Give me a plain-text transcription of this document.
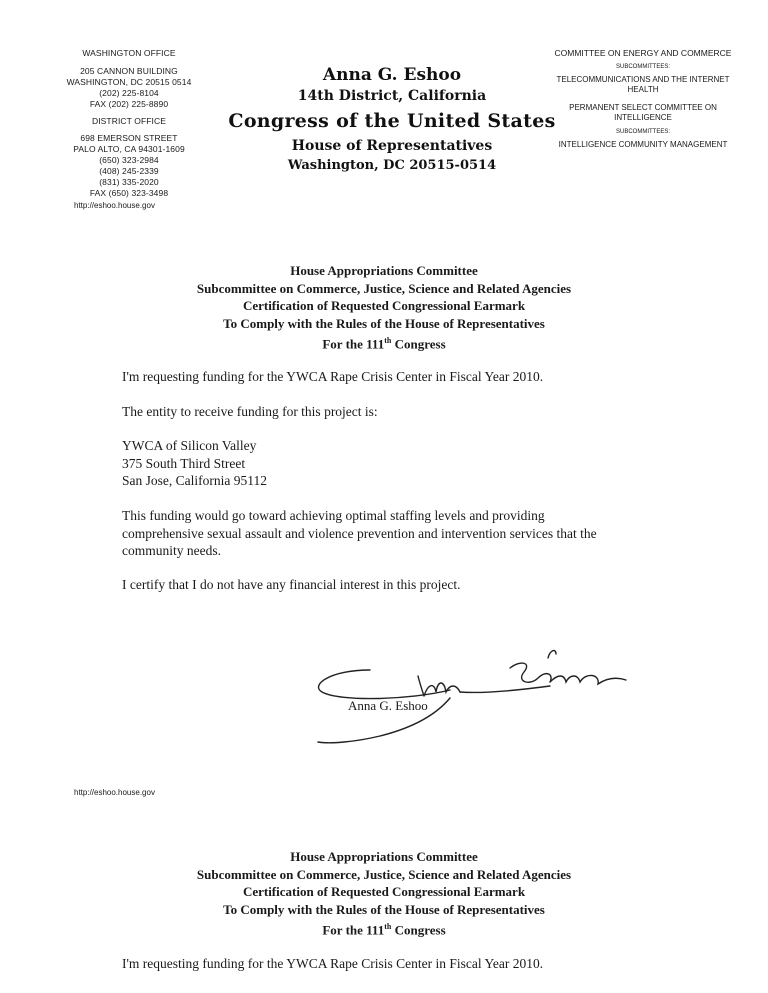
WASHINGTON OFFICE
205 CANNON BUILDING
WASHINGTON, DC 20515 0514
(202) 225-8104
FAX (202) 225-8890
DISTRICT OFFICE
698 EMERSON STREET
PALO ALTO, CA 94301-1609
(650) 323-2984
(408) 245-2339
(831) 335-2020
FAX (650) 323-3498
http://eshoo.house.gov
Anna G. Eshoo
14th District, California
Congress of the United States
House of Representatives
Washington, DC 20515-0514
COMMITTEE ON ENERGY AND COMMERCE
SUBCOMMITTEES:
TELECOMMUNICATIONS AND THE INTERNET
HEALTH
PERMANENT SELECT COMMITTEE ON INTELLIGENCE
SUBCOMMITTEES:
INTELLIGENCE COMMUNITY MANAGEMENT
House Appropriations Committee
Subcommittee on Commerce, Justice, Science and Related Agencies
Certification of Requested Congressional Earmark
To Comply with the Rules of the House of Representatives
For the 111th Congress
I'm requesting funding for the YWCA Rape Crisis Center in Fiscal Year 2010.
The entity to receive funding for this project is:
YWCA of Silicon Valley
375 South Third Street
San Jose, California 95112
This funding would go toward achieving optimal staffing levels and providing
comprehensive sexual assault and violence prevention and intervention services that the
community needs.
I certify that I do not have any financial interest in this project.
Anna G. Eshoo
http://eshoo.house.gov
House Appropriations Committee
Subcommittee on Commerce, Justice, Science and Related Agencies
Certification of Requested Congressional Earmark
To Comply with the Rules of the House of Representatives
For the 111th Congress
I'm requesting funding for the YWCA Rape Crisis Center in Fiscal Year 2010.
